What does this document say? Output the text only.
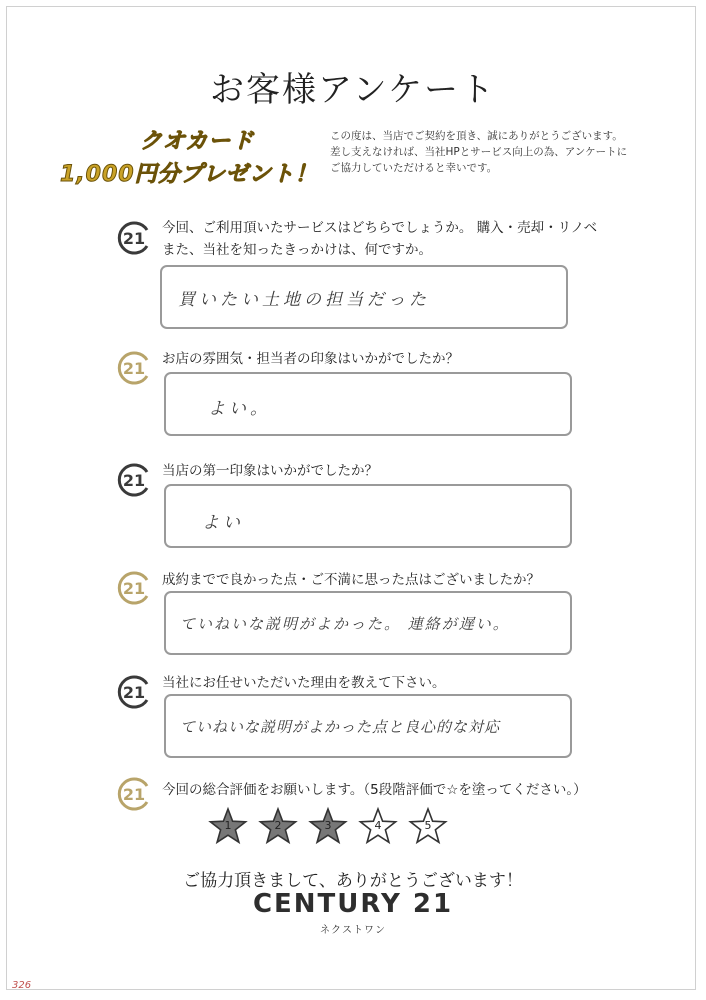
お客様アンケート
クオカード
1,000円分プレゼント！
この度は、当店でご契約を頂き、誠にありがとうございます。
差し支えなければ、当社HPとサービス向上の為、アンケートに
ご協力していただけると幸いです。
21
今回、ご利用頂いたサービスはどちらでしょうか。 購入・売却・リノベ
また、当社を知ったきっかけは、何ですか。
買いたい土地の担当だった
21 お店の雰囲気・担当者の印象はいかがでしたか？
よい。
21 当店の第一印象はいかがでしたか？
よい
21 成約までで良かった点・ご不満に思った点はございましたか？
ていねいな説明がよかった。 連絡が遅い。
21 当社にお任せいただいた理由を教えて下さい。
ていねいな説明がよかった点と良心的な対応
21 今回の総合評価をお願いします。（5段階評価で☆を塗ってください。）
1	2	3	4	5
ご協力頂きまして、ありがとうございます！
CENTURY 21
ネクストワン
326
